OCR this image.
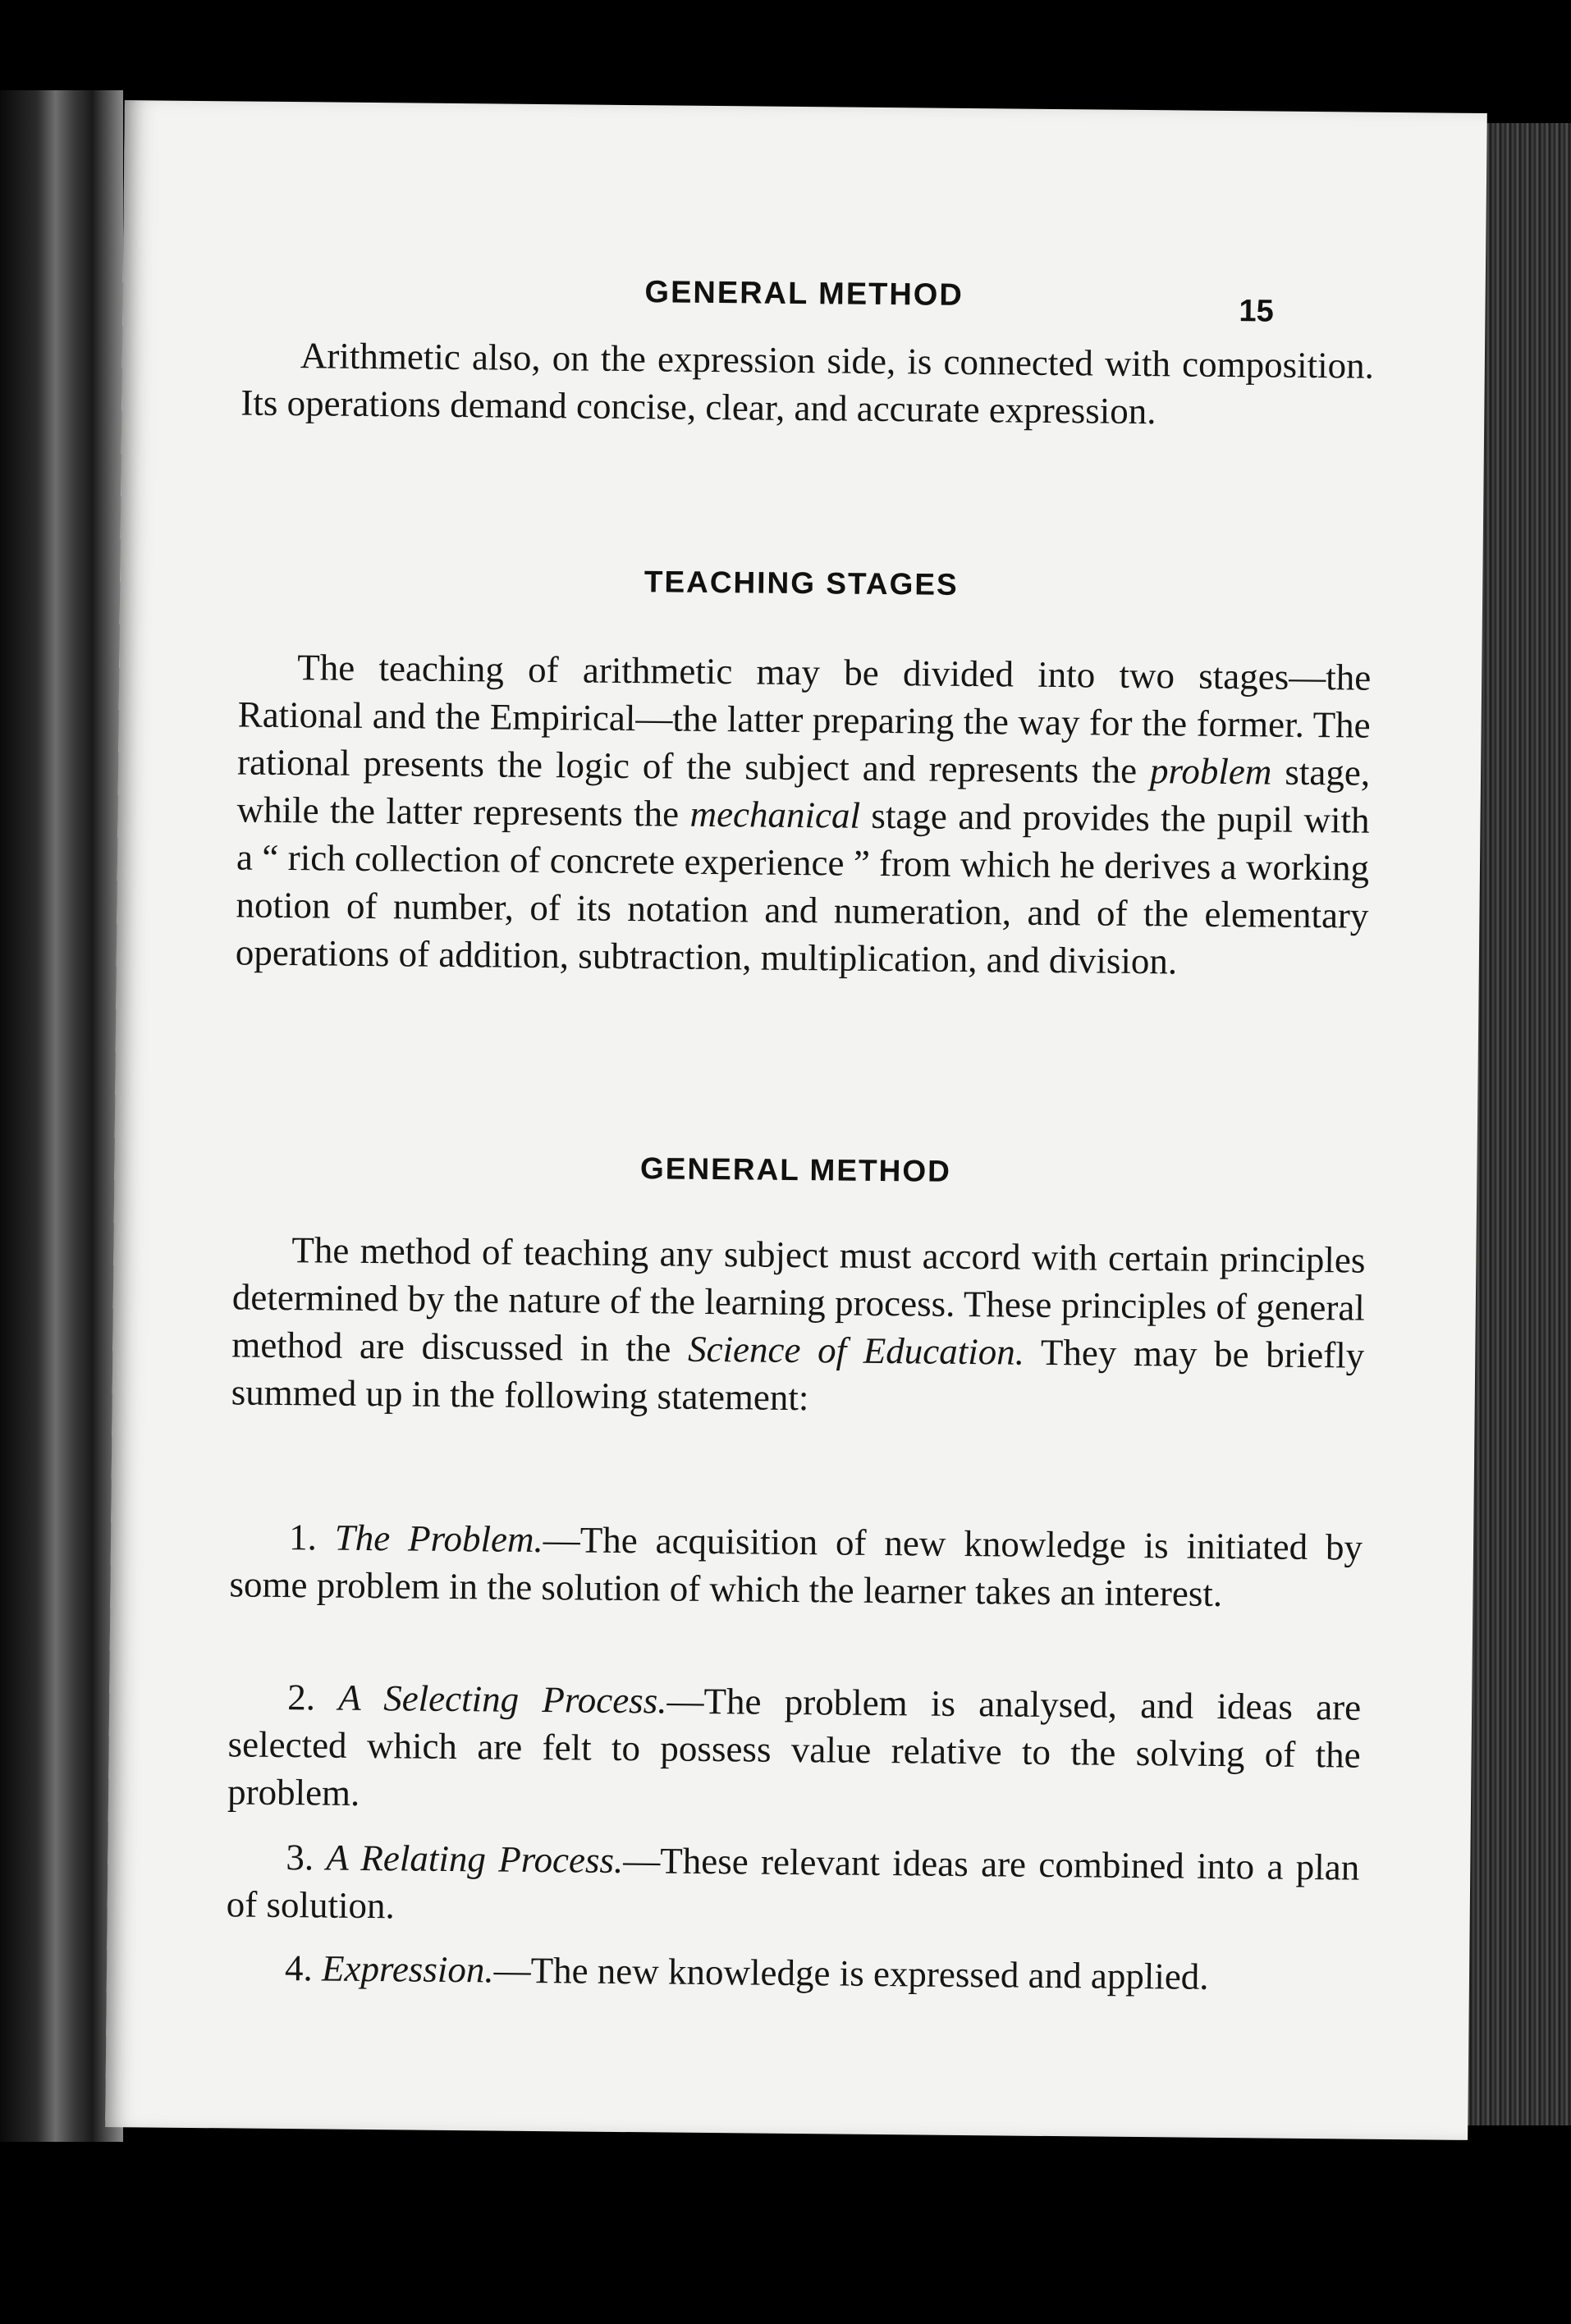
GENERAL METHOD	15

Arithmetic also, on the expression side, is connected with composition. Its operations demand concise, clear, and accurate expression.

TEACHING STAGES

The teaching of arithmetic may be divided into two stages—the Rational and the Empirical—the latter preparing the way for the former. The rational presents the logic of the subject and represents the problem stage, while the latter represents the mechanical stage and provides the pupil with a “ rich collection of concrete experience ” from which he derives a working notion of number, of its notation and numeration, and of the elementary operations of addition, subtraction, multiplication, and division.

GENERAL METHOD

The method of teaching any subject must accord with certain principles determined by the nature of the learning process. These principles of general method are discussed in the Science of Education. They may be briefly summed up in the following statement:

1. The Problem.—The acquisition of new knowledge is initiated by some problem in the solution of which the learner takes an interest.

2. A Selecting Process.—The problem is analysed, and ideas are selected which are felt to possess value relative to the solving of the problem.

3. A Relating Process.—These relevant ideas are combined into a plan of solution.

4. Expression.—The new knowledge is expressed and applied.
